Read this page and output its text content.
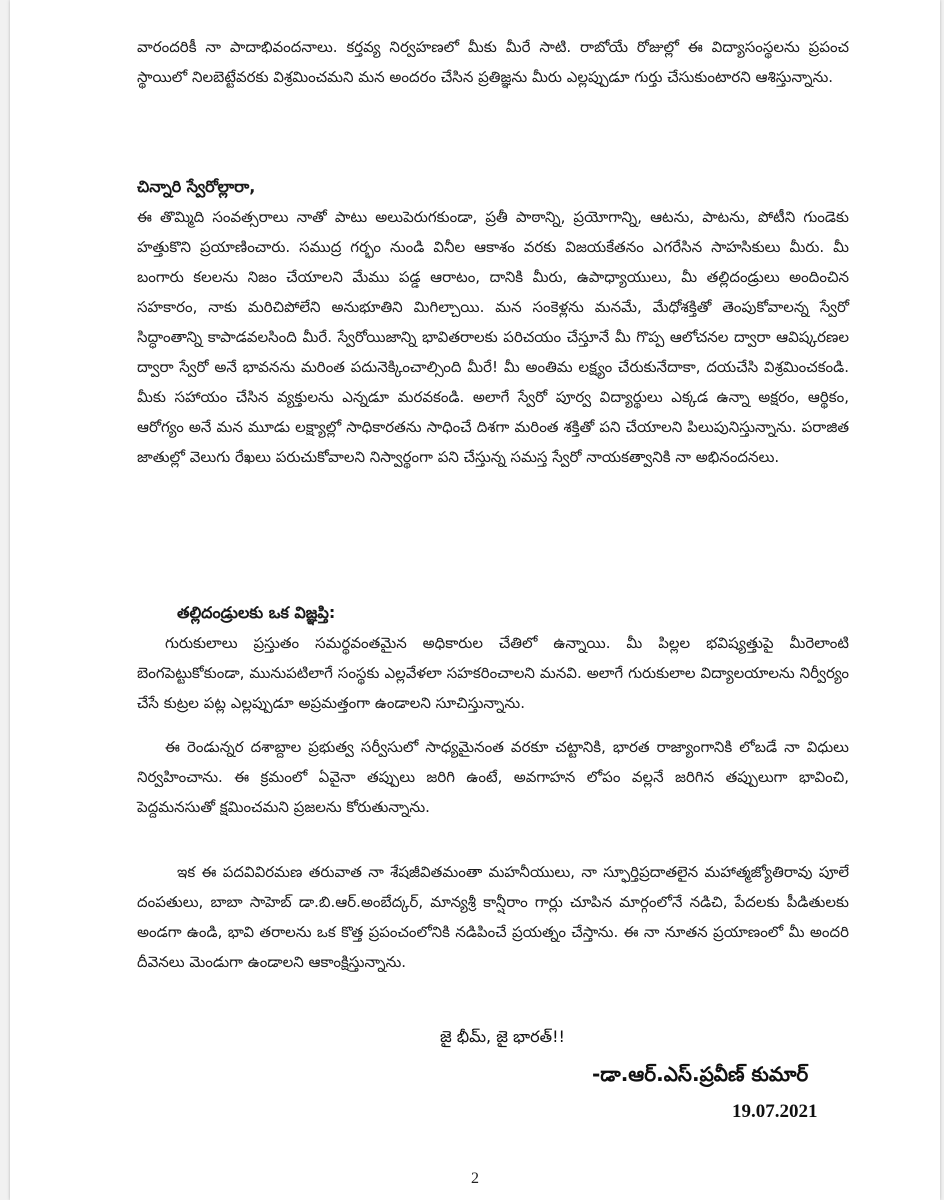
వారందరికీ నా పాదాభివందనాలు. కర్తవ్య నిర్వహణలో మీకు మీరే సాటి. రాబోయే రోజుల్లో ఈ విద్యాసంస్థలను ప్రపంచ స్థాయిలో నిలబెట్టేవరకు విశ్రమించమని మన అందరం చేసిన ప్రతిజ్ఞను మీరు ఎల్లప్పుడూ గుర్తు చేసుకుంటారని ఆశిస్తున్నాను.

చిన్నారి స్వేరోల్లారా,

ఈ తొమ్మిది సంవత్సరాలు నాతో పాటు అలుపెరుగకుండా, ప్రతీ పాఠాన్ని, ప్రయోగాన్ని, ఆటను, పాటను, పోటీని గుండెకు హత్తుకొని ప్రయాణించారు. సముద్ర గర్భం నుండి వినీల ఆకాశం వరకు విజయకేతనం ఎగరేసిన సాహసికులు మీరు. మీ బంగారు కలలను నిజం చేయాలని మేము పడ్డ ఆరాటం, దానికి మీరు, ఉపాధ్యాయులు, మీ తల్లిదండ్రులు అందించిన సహకారం, నాకు మరిచిపోలేని అనుభూతిని మిగిల్చాయి. మన సంకెళ్లను మనమే, మేధోశక్తితో తెంపుకోవాలన్న స్వేరో సిద్ధాంతాన్ని కాపాడవలసింది మీరే. స్వేరోయిజాన్ని భావితరాలకు పరిచయం చేస్తూనే మీ గొప్ప ఆలోచనల ద్వారా ఆవిష్కరణల ద్వారా స్వేరో అనే భావనను మరింత పదునెక్కించాల్సింది మీరే! మీ అంతిమ లక్ష్యం చేరుకునేదాకా, దయచేసి విశ్రమించకండి. మీకు సహాయం చేసిన వ్యక్తులను ఎన్నడూ మరవకండి. అలాగే స్వేరో పూర్వ విద్యార్థులు ఎక్కడ ఉన్నా అక్షరం, ఆర్థికం, ఆరోగ్యం అనే మన మూడు లక్ష్యాల్లో సాధికారతను సాధించే దిశగా మరింత శక్తితో పని చేయాలని పిలుపునిస్తున్నాను. పరాజిత జాతుల్లో వెలుగు రేఖలు పరుచుకోవాలని నిస్వార్థంగా పని చేస్తున్న సమస్త స్వేరో నాయకత్వానికి నా అభినందనలు.

తల్లిదండ్రులకు ఒక విజ్ఞప్తి:

గురుకులాలు ప్రస్తుతం సమర్థవంతమైన అధికారుల చేతిలో ఉన్నాయి. మీ పిల్లల భవిష్యత్తుపై మీరెలాంటి బెంగపెట్టుకోకుండా, మునుపటిలాగే సంస్థకు ఎల్లవేళలా సహకరించాలని మనవి. అలాగే గురుకులాల విద్యాలయాలను నిర్వీర్యం చేసే కుట్రల పట్ల ఎల్లప్పుడూ అప్రమత్తంగా ఉండాలని సూచిస్తున్నాను.

ఈ రెండున్నర దశాబ్దాల ప్రభుత్వ సర్వీసులో సాధ్యమైనంత వరకూ చట్టానికి, భారత రాజ్యాంగానికి లోబడే నా విధులు నిర్వహించాను. ఈ క్రమంలో ఏవైనా తప్పులు జరిగి ఉంటే, అవగాహన లోపం వల్లనే జరిగిన తప్పులుగా భావించి, పెద్దమనసుతో క్షమించమని ప్రజలను కోరుతున్నాను.

ఇక ఈ పదవివిరమణ తరువాత నా శేషజీవితమంతా మహనీయులు, నా స్ఫూర్తిప్రదాతలైన మహాత్మజ్యోతిరావు పూలే దంపతులు, బాబా సాహెబ్ డా.బి.ఆర్.అంబేద్కర్, మాన్యశ్రీ కాన్షీరాం గార్లు చూపిన మార్గంలోనే నడిచి, పేదలకు పీడితులకు అండగా ఉండి, భావి తరాలను ఒక కొత్త ప్రపంచంలోనికి నడిపించే ప్రయత్నం చేస్తాను. ఈ నా నూతన ప్రయాణంలో మీ అందరి దీవెనలు మెండుగా ఉండాలని ఆకాంక్షిస్తున్నాను.

జై భీమ్, జై భారత్!!

-డా.ఆర్.ఎస్.ప్రవీణ్ కుమార్

19.07.2021

2
